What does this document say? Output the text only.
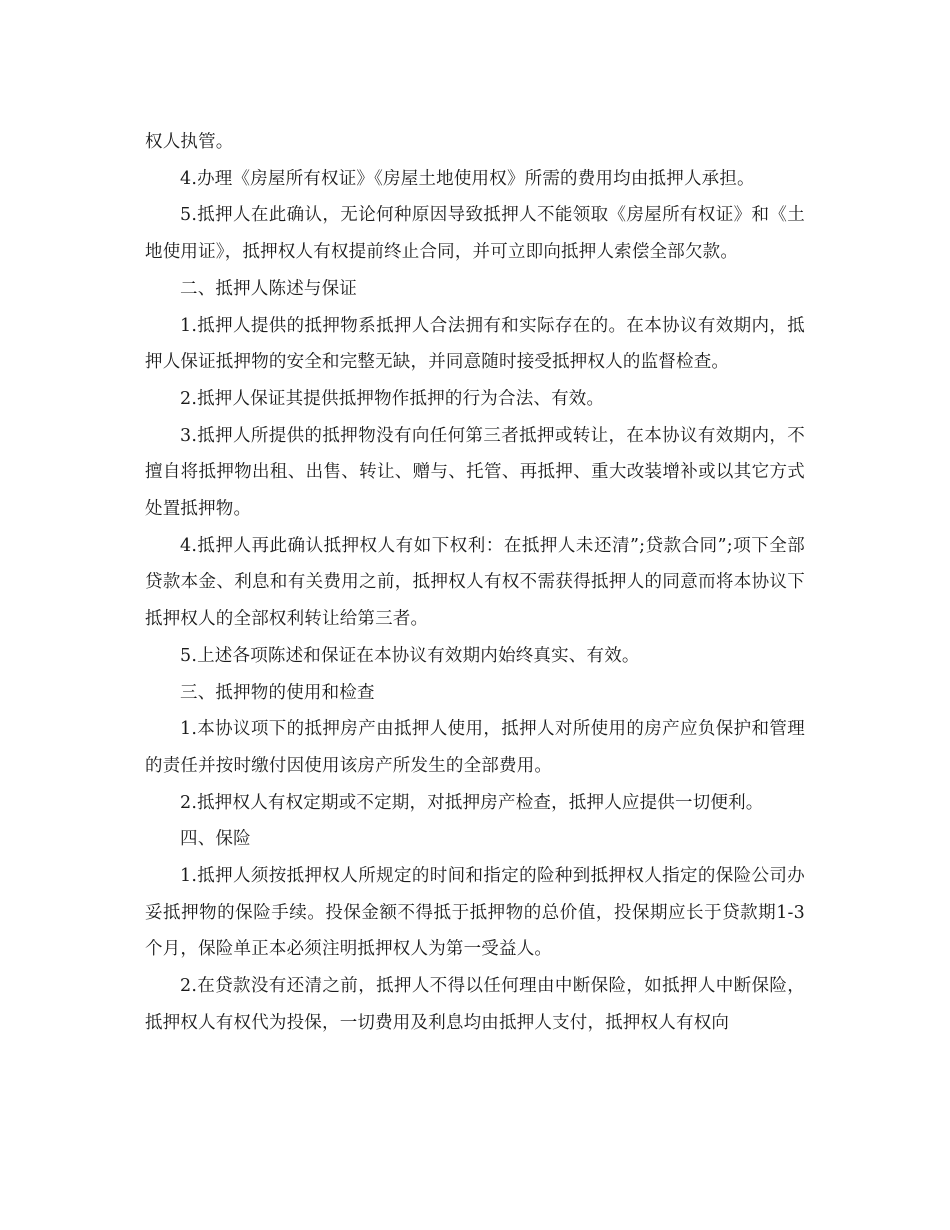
权人执管。

4.办理《房屋所有权证》《房屋土地使用权》所需的费用均由抵押人承担。

5.抵押人在此确认，无论何种原因导致抵押人不能领取《房屋所有权证》和《土地使用证》，抵押权人有权提前终止合同，并可立即向抵押人索偿全部欠款。

二、抵押人陈述与保证

1.抵押人提供的抵押物系抵押人合法拥有和实际存在的。在本协议有效期内，抵押人保证抵押物的安全和完整无缺，并同意随时接受抵押权人的监督检查。

2.抵押人保证其提供抵押物作抵押的行为合法、有效。

3.抵押人所提供的抵押物没有向任何第三者抵押或转让，在本协议有效期内，不擅自将抵押物出租、出售、转让、赠与、托管、再抵押、重大改装增补或以其它方式处置抵押物。

4.抵押人再此确认抵押权人有如下权利：在抵押人未还清”;贷款合同”;项下全部贷款本金、利息和有关费用之前，抵押权人有权不需获得抵押人的同意而将本协议下抵押权人的全部权利转让给第三者。

5.上述各项陈述和保证在本协议有效期内始终真实、有效。

三、抵押物的使用和检查

1.本协议项下的抵押房产由抵押人使用，抵押人对所使用的房产应负保护和管理的责任并按时缴付因使用该房产所发生的全部费用。

2.抵押权人有权定期或不定期，对抵押房产检查，抵押人应提供一切便利。

四、保险

1.抵押人须按抵押权人所规定的时间和指定的险种到抵押权人指定的保险公司办妥抵押物的保险手续。投保金额不得抵于抵押物的总价值，投保期应长于贷款期1-3个月，保险单正本必须注明抵押权人为第一受益人。

2.在贷款没有还清之前，抵押人不得以任何理由中断保险，如抵押人中断保险，抵押权人有权代为投保，一切费用及利息均由抵押人支付，抵押权人有权向
